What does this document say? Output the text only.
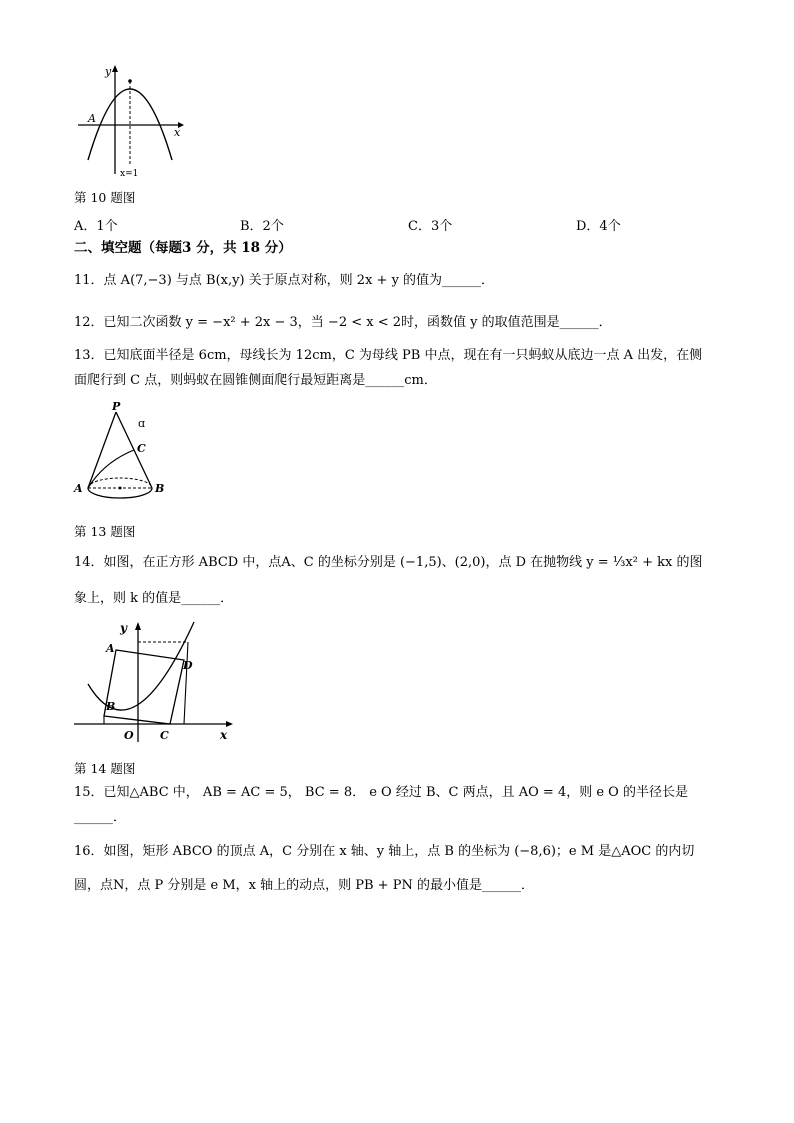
y
x
A
x=1
第 10 题图
A．1个	B．2个	C．3个	D．4个
二、填空题（每题3 分，共 18 分）
11．点 A(7,−3) 与点 B(x,y) 关于原点对称，则 2x + y 的值为______．
12．已知二次函数 y = −x² + 2x − 3，当 −2 < x < 2时，函数值 y 的取值范围是______．
13．已知底面半径是 6cm，母线长为 12cm，C 为母线 PB 中点，现在有一只蚂蚁从底边一点 A 出发，在侧
面爬行到 C 点，则蚂蚁在圆锥侧面爬行最短距离是______cm．
P
ɑ
C
A	B
第 13 题图
14．如图，在正方形 ABCD 中，点A、C 的坐标分别是 (−1,5)、(2,0)，点 D 在抛物线 y = ⅓x² + kx 的图
象上，则 k 的值是______．
y
A
D
B
O C	x
第 14 题图
15．已知△ABC 中， AB = AC = 5， BC = 8． e O 经过 B、C 两点，且 AO = 4，则 e O 的半径长是
______．
16．如图，矩形 ABCO 的顶点 A，C 分别在 x 轴、y 轴上，点 B 的坐标为 (−8,6)；e M 是△AOC 的内切
圆，点N，点 P 分别是 e M，x 轴上的动点，则 PB + PN 的最小值是______．
